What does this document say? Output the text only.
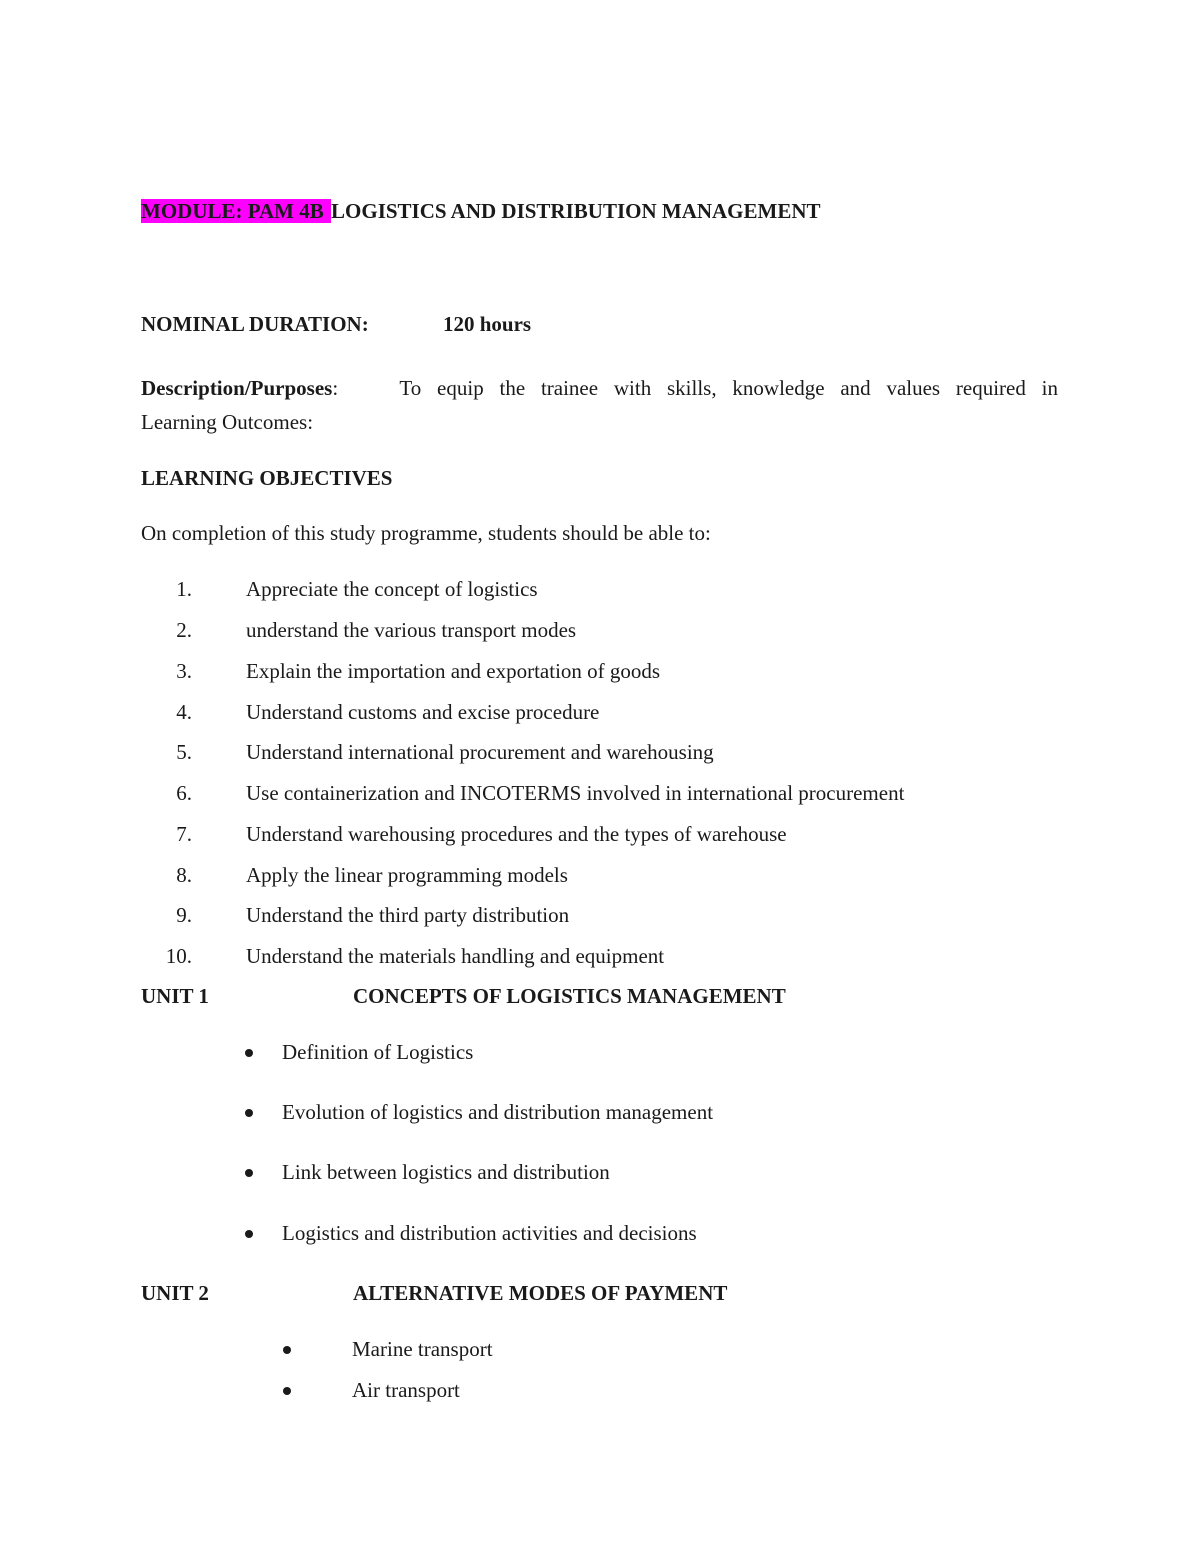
MODULE: PAM 4B LOGISTICS AND DISTRIBUTION MANAGEMENT
NOMINAL DURATION:	120 hours
Description/Purposes:	To equip the trainee with skills, knowledge and values required in
Learning Outcomes:
LEARNING OBJECTIVES
On completion of this study programme, students should be able to:
1.	Appreciate the concept of logistics
2.	understand the various transport modes
3.	Explain the importation and exportation of goods
4.	Understand customs and excise procedure
5.	Understand international procurement and warehousing
6.	Use containerization and INCOTERMS involved in international procurement
7.	Understand warehousing procedures and the types of warehouse
8.	Apply the linear programming models
9.	Understand the third party distribution
10.	Understand the materials handling and equipment
UNIT 1	CONCEPTS OF LOGISTICS MANAGEMENT
Definition of Logistics
Evolution of logistics and distribution management
Link between logistics and distribution
Logistics and distribution activities and decisions
UNIT 2	ALTERNATIVE MODES OF PAYMENT
Marine transport
Air transport
